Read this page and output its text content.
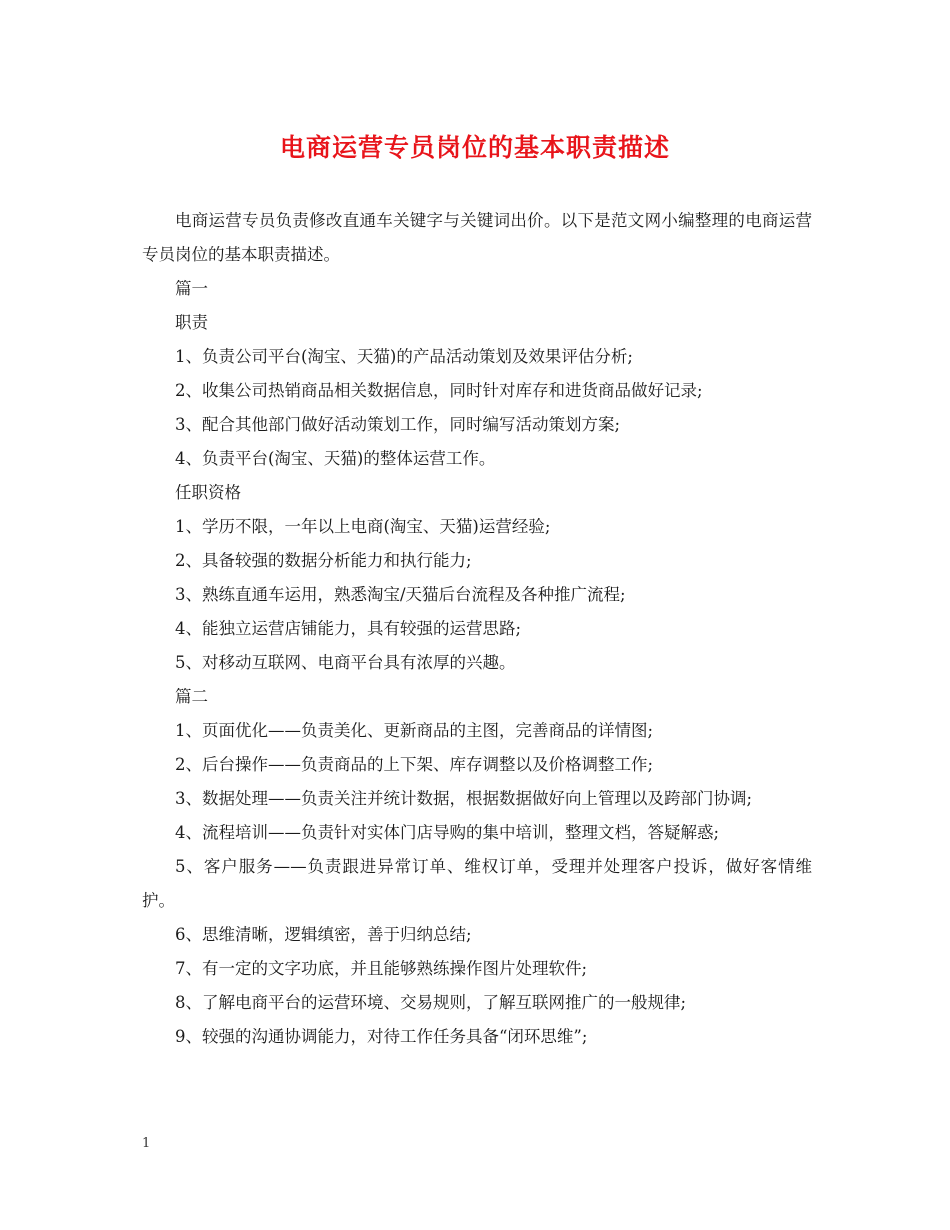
电商运营专员岗位的基本职责描述

电商运营专员负责修改直通车关键字与关键词出价。以下是范文网小编整理的电商运营专员岗位的基本职责描述。

篇一

职责

1、负责公司平台(淘宝、天猫)的产品活动策划及效果评估分析;

2、收集公司热销商品相关数据信息，同时针对库存和进货商品做好记录;

3、配合其他部门做好活动策划工作，同时编写活动策划方案;

4、负责平台(淘宝、天猫)的整体运营工作。

任职资格

1、学历不限，一年以上电商(淘宝、天猫)运营经验;

2、具备较强的数据分析能力和执行能力;

3、熟练直通车运用，熟悉淘宝/天猫后台流程及各种推广流程;

4、能独立运营店铺能力，具有较强的运营思路;

5、对移动互联网、电商平台具有浓厚的兴趣。

篇二

1、页面优化——负责美化、更新商品的主图，完善商品的详情图;

2、后台操作——负责商品的上下架、库存调整以及价格调整工作;

3、数据处理——负责关注并统计数据，根据数据做好向上管理以及跨部门协调;

4、流程培训——负责针对实体门店导购的集中培训，整理文档，答疑解惑;

5、客户服务——负责跟进异常订单、维权订单，受理并处理客户投诉，做好客情维护。

6、思维清晰，逻辑缜密，善于归纳总结;

7、有一定的文字功底，并且能够熟练操作图片处理软件;

8、了解电商平台的运营环境、交易规则，了解互联网推广的一般规律;

9、较强的沟通协调能力，对待工作任务具备“闭环思维”;

1
